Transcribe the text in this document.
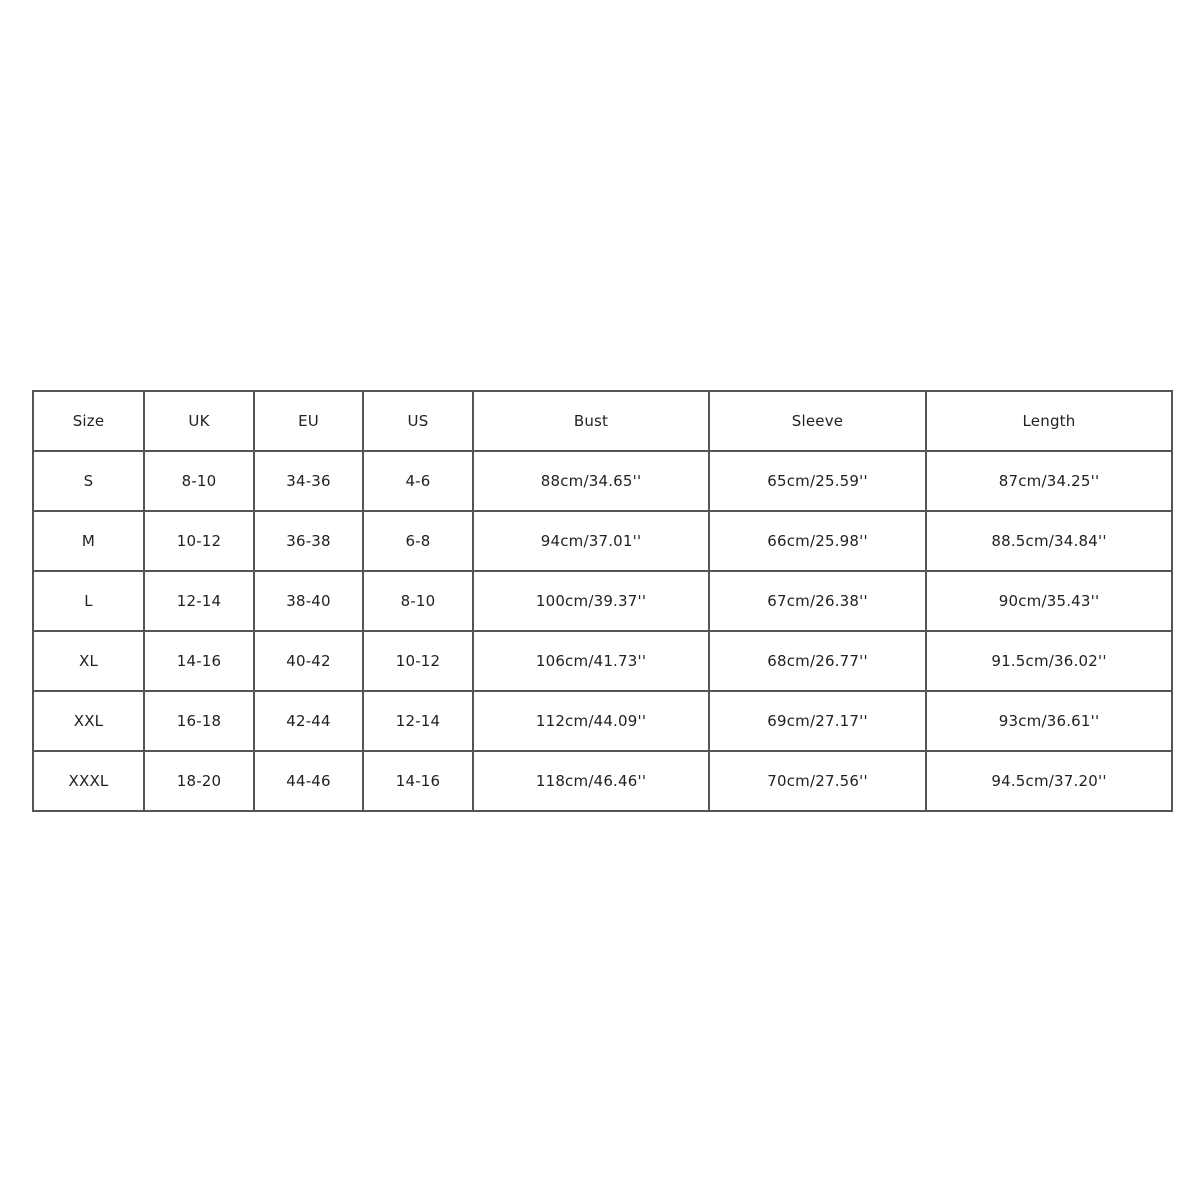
Size	UK	EU	US	Bust	Sleeve	Length
S	8-10	34-36	4-6	88cm/34.65''	65cm/25.59''	87cm/34.25''
M	10-12	36-38	6-8	94cm/37.01''	66cm/25.98''	88.5cm/34.84''
L	12-14	38-40	8-10	100cm/39.37''	67cm/26.38''	90cm/35.43''
XL	14-16	40-42	10-12	106cm/41.73''	68cm/26.77''	91.5cm/36.02''
XXL	16-18	42-44	12-14	112cm/44.09''	69cm/27.17''	93cm/36.61''
XXXL	18-20	44-46	14-16	118cm/46.46''	70cm/27.56''	94.5cm/37.20''
